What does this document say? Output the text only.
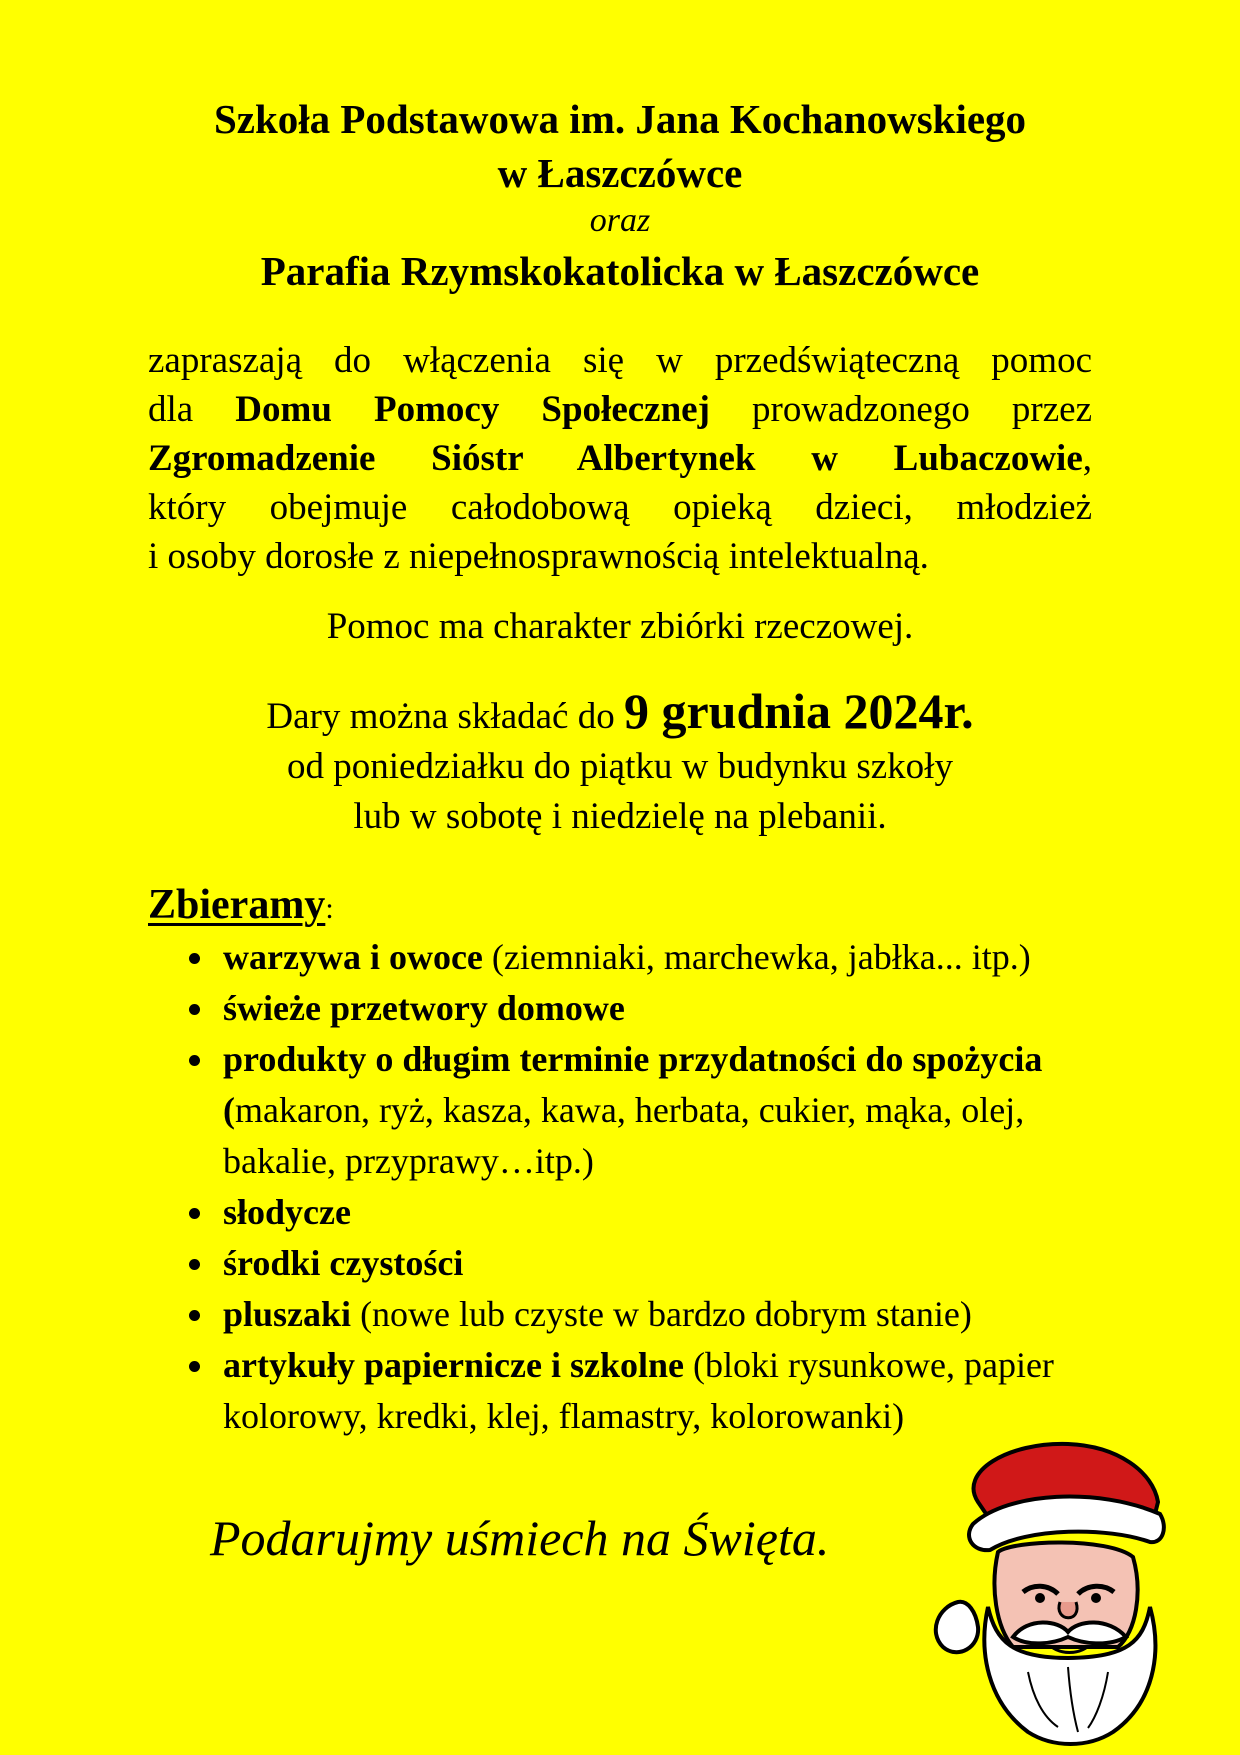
Szkoła Podstawowa im. Jana Kochanowskiego
w Łaszczówce
oraz
Parafia Rzymskokatolicka w Łaszczówce
zapraszają do włączenia się w przedświąteczną pomoc
dla Domu Pomocy Społecznej prowadzonego przez
Zgromadzenie Sióstr Albertynek w Lubaczowie,
który obejmuje całodobową opieką dzieci, młodzież
i osoby dorosłe z niepełnosprawnością intelektualną.
Pomoc ma charakter zbiórki rzeczowej.
Dary można składać do 9 grudnia 2024r.
od poniedziałku do piątku w budynku szkoły
lub w sobotę i niedzielę na plebanii.
Zbieramy:
warzywa i owoce (ziemniaki, marchewka, jabłka... itp.)
świeże przetwory domowe
produkty o długim terminie przydatności do spożycia (makaron, ryż, kasza, kawa, herbata, cukier, mąka, olej, bakalie, przyprawy…itp.)
słodycze
środki czystości
pluszaki (nowe lub czyste w bardzo dobrym stanie)
artykuły papiernicze i szkolne (bloki rysunkowe, papier kolorowy, kredki, klej, flamastry, kolorowanki)
Podarujmy uśmiech na Święta.
